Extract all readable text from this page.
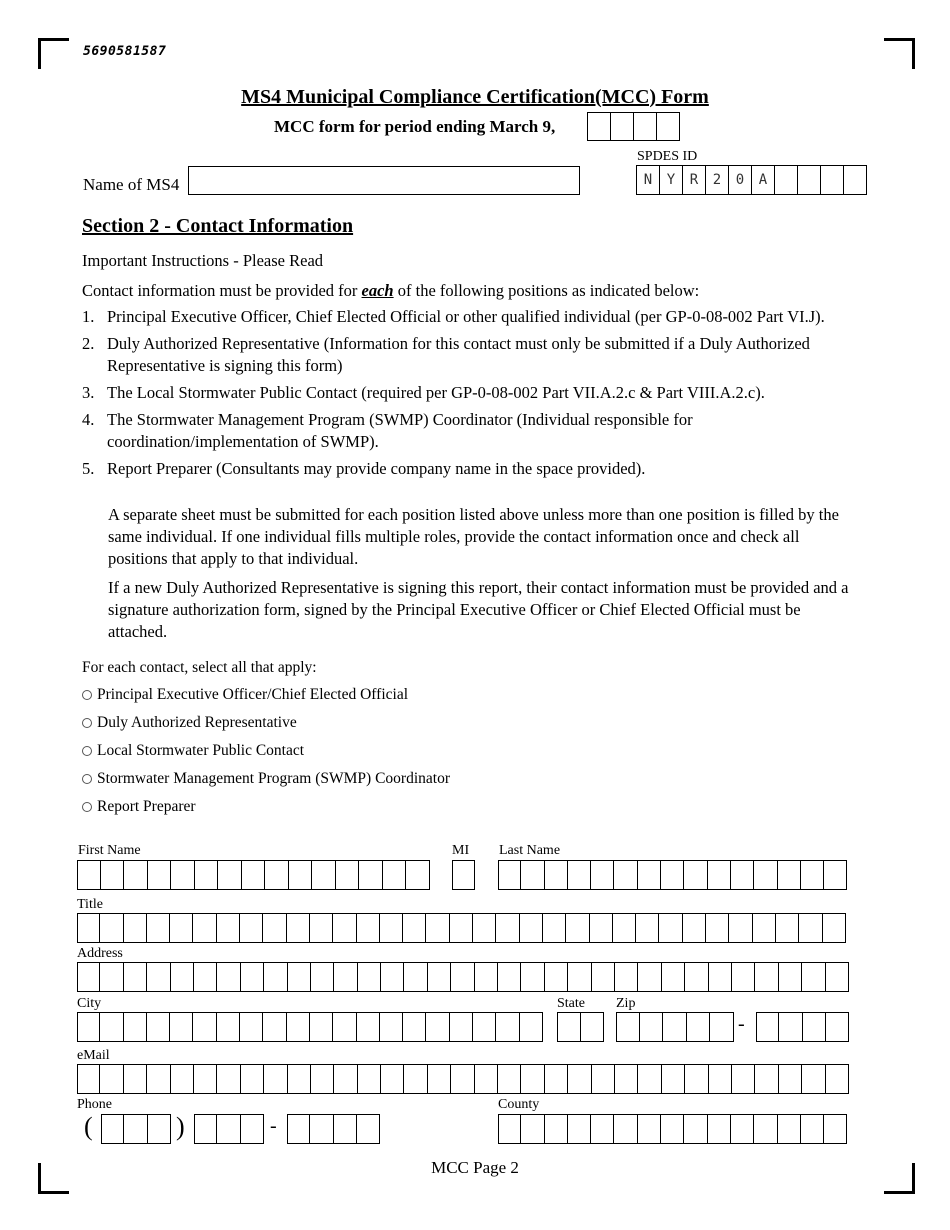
5690581587
MS4 Municipal Compliance Certification(MCC) Form
MCC form for period ending March 9,
SPDES ID
N	Y	R	2	0	A
Name of MS4
Section 2 - Contact Information
Important Instructions - Please Read
Contact information must be provided for each of the following positions as indicated below:
1. Principal Executive Officer, Chief Elected Official or other qualified individual (per GP-0-08-002 Part VI.J).
2. Duly Authorized Representative (Information for this contact must only be submitted if a Duly Authorized Representative is signing this form)
3. The Local Stormwater Public Contact (required per GP-0-08-002 Part VII.A.2.c & Part VIII.A.2.c).
4. The Stormwater Management Program (SWMP) Coordinator (Individual responsible for coordination/implementation of SWMP).
5. Report Preparer (Consultants may provide company name in the space provided).
A separate sheet must be submitted for each position listed above unless more than one position is filled by the same individual. If one individual fills multiple roles, provide the contact information once and check all positions that apply to that individual.
If a new Duly Authorized Representative is signing this report, their contact information must be provided and a signature authorization form, signed by the Principal Executive Officer or Chief Elected Official must be attached.
For each contact, select all that apply:
Principal Executive Officer/Chief Elected Official
Duly Authorized Representative
Local Stormwater Public Contact
Stormwater Management Program (SWMP) Coordinator
Report Preparer
First Name	MI Last Name
Title
Address
City	State Zip
-
eMail
Phone	County
(	)	-
MCC Page 2
